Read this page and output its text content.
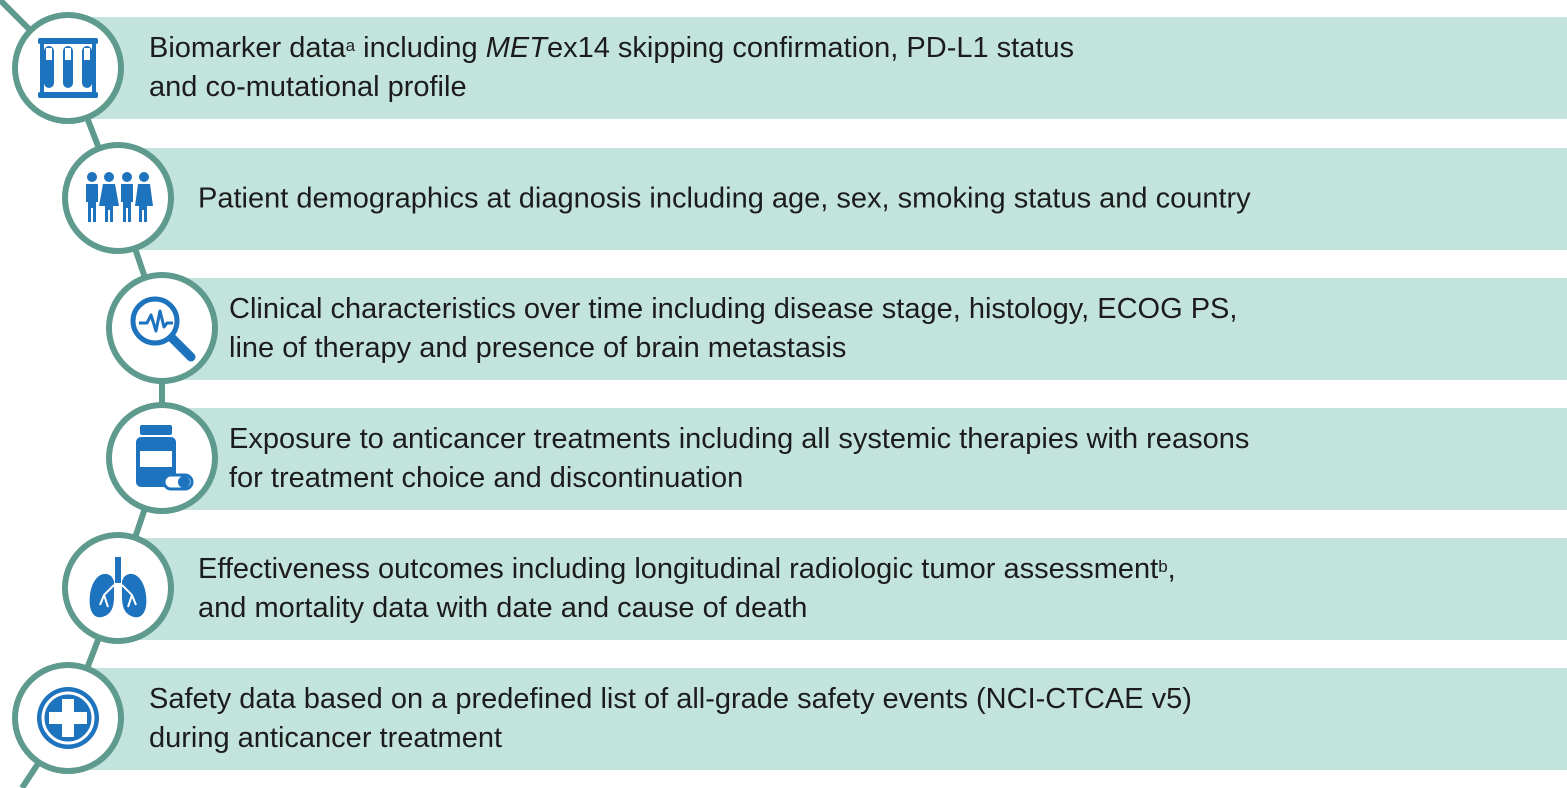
Biomarker data$^a$ including METex14 skipping confirmation, PD-L1 status
and co-mutational profile
Patient demographics at diagnosis including age, sex, smoking status and country
Clinical characteristics over time including disease stage, histology, ECOG PS,
line of therapy and presence of brain metastasis
Exposure to anticancer treatments including all systemic therapies with reasons
for treatment choice and discontinuation
Effectiveness outcomes including longitudinal radiologic tumor assessment$^b$,
and mortality data with date and cause of death
Safety data based on a predefined list of all-grade safety events (NCI-CTCAE v5)
during anticancer treatment
